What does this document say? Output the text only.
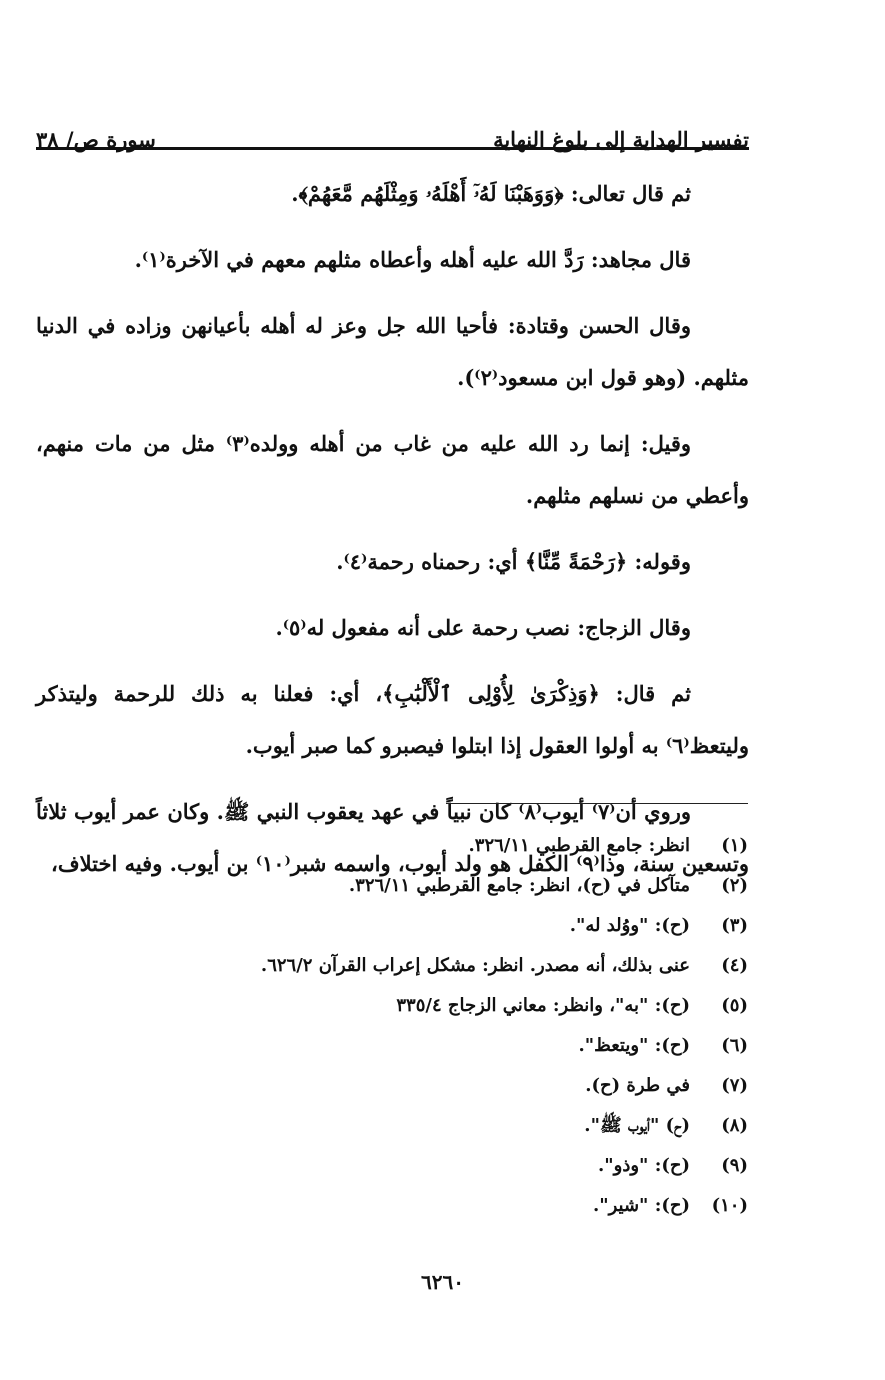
تفسير الهداية إلى بلوغ النهاية
سورة ص/ ٣٨

ثم قال تعالى: ﴿وَوَهَبْنَا لَهُۥٓ أَهْلَهُۥ وَمِثْلَهُم مَّعَهُمْ﴾.

قال مجاهد: رَدَّ الله عليه أهله وأعطاه مثلهم معهم في الآخرة⁽١⁾.

وقال الحسن وقتادة: فأحيا الله جل وعز له أهله بأعيانهن وزاده في الدنيا مثلهم. (وهو قول ابن مسعود⁽٢⁾).

وقيل: إنما رد الله عليه من غاب من أهله وولده⁽٣⁾ مثل من مات منهم، وأعطي من نسلهم مثلهم.

وقوله: ﴿رَحْمَةً مِّنَّا﴾ أي: رحمناه رحمة⁽٤⁾.

وقال الزجاج: نصب رحمة على أنه مفعول له⁽٥⁾.

ثم قال: ﴿وَذِكْرَىٰ لِأُوْلِى ٱلْأَلْبَٰبِ﴾، أي: فعلنا به ذلك للرحمة وليتذكر وليتعظ⁽٦⁾ به أولوا العقول إذا ابتلوا فيصبرو كما صبر أيوب.

وروي أن⁽٧⁾ أيوب⁽٨⁾ كان نبياً في عهد يعقوب النبي ﷺ. وكان عمر أيوب ثلاثاً وتسعين سنة، وذا⁽٩⁾ الكفل هو ولد أيوب، واسمه شبر⁽١٠⁾ بن أيوب. وفيه اختلاف،

(١)
انظر: جامع القرطبي ٣٢٦/١١.
(٢)
متآكل في (ح)، انظر: جامع القرطبي ٣٢٦/١١.
(٣)
(ح): "ووُلد له".
(٤)
عنى بذلك، أنه مصدر. انظر: مشكل إعراب القرآن ٦٢٦/٢.
(٥)
(ح): "به"، وانظر: معاني الزجاج ٣٣٥/٤
(٦)
(ح): "ويتعظ".
(٧)
في طرة (ح).
(٨)
(ح) "أيوب ﷺ".
(٩)
(ح): "وذو".
(١٠)
(ح): "شير".
٦٢٦٠
